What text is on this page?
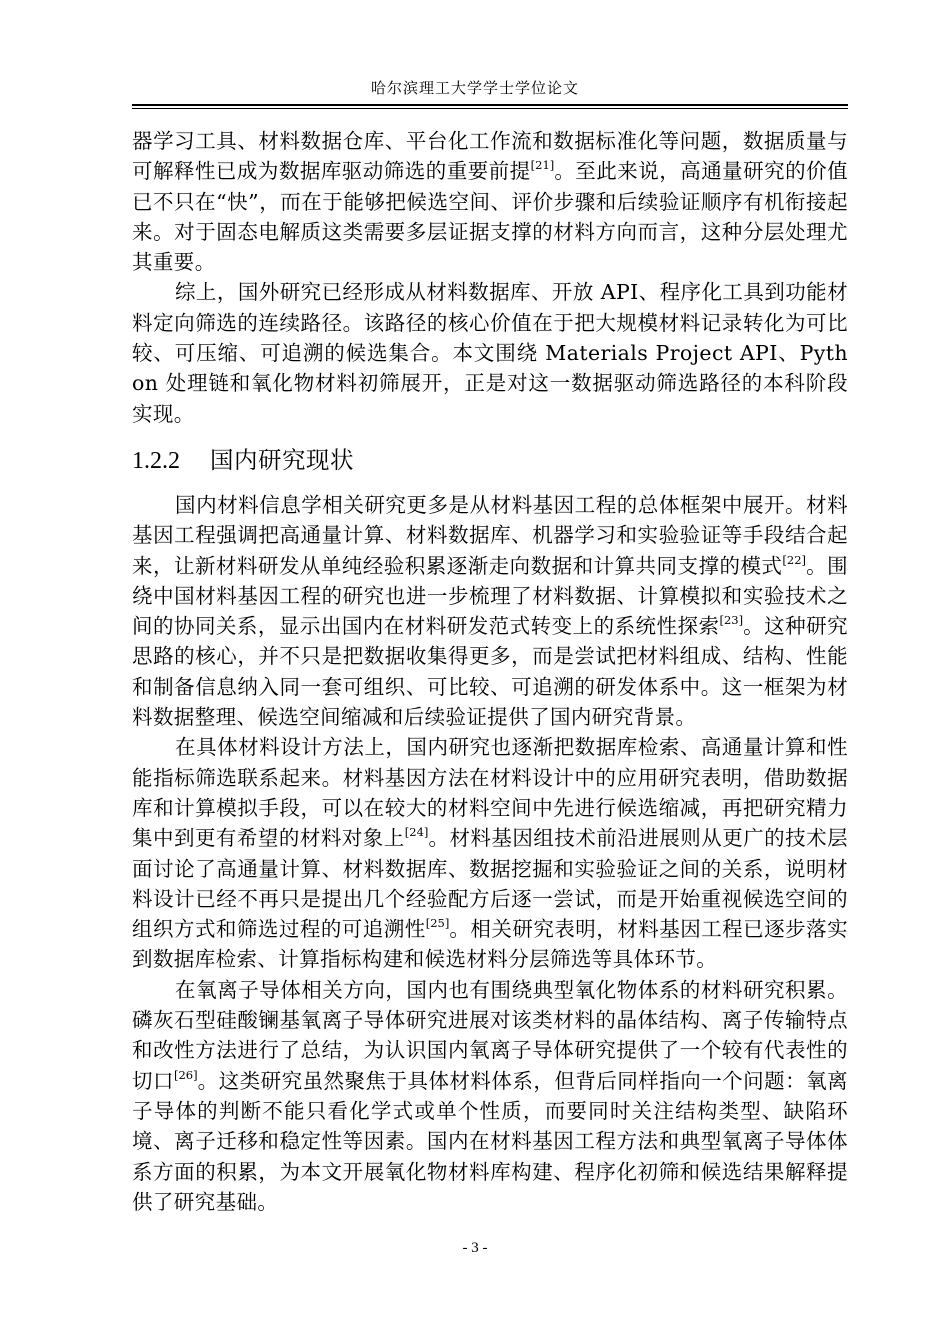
哈尔滨理工大学学士学位论文

器学习工具、材料数据仓库、平台化工作流和数据标准化等问题，数据质量与可解释性已成为数据库驱动筛选的重要前提[21]。至此来说，高通量研究的价值已不只在“快”，而在于能够把候选空间、评价步骤和后续验证顺序有机衔接起来。对于固态电解质这类需要多层证据支撑的材料方向而言，这种分层处理尤其重要。

综上，国外研究已经形成从材料数据库、开放 API、程序化工具到功能材料定向筛选的连续路径。该路径的核心价值在于把大规模材料记录转化为可比较、可压缩、可追溯的候选集合。本文围绕 Materials Project API、Python 处理链和氧化物材料初筛展开，正是对这一数据驱动筛选路径的本科阶段实现。

1.2.2 国内研究现状

国内材料信息学相关研究更多是从材料基因工程的总体框架中展开。材料基因工程强调把高通量计算、材料数据库、机器学习和实验验证等手段结合起来，让新材料研发从单纯经验积累逐渐走向数据和计算共同支撑的模式[22]。围绕中国材料基因工程的研究也进一步梳理了材料数据、计算模拟和实验技术之间的协同关系，显示出国内在材料研发范式转变上的系统性探索[23]。这种研究思路的核心，并不只是把数据收集得更多，而是尝试把材料组成、结构、性能和制备信息纳入同一套可组织、可比较、可追溯的研发体系中。这一框架为材料数据整理、候选空间缩减和后续验证提供了国内研究背景。

在具体材料设计方法上，国内研究也逐渐把数据库检索、高通量计算和性能指标筛选联系起来。材料基因方法在材料设计中的应用研究表明，借助数据库和计算模拟手段，可以在较大的材料空间中先进行候选缩减，再把研究精力集中到更有希望的材料对象上[24]。材料基因组技术前沿进展则从更广的技术层面讨论了高通量计算、材料数据库、数据挖掘和实验验证之间的关系，说明材料设计已经不再只是提出几个经验配方后逐一尝试，而是开始重视候选空间的组织方式和筛选过程的可追溯性[25]。相关研究表明，材料基因工程已逐步落实到数据库检索、计算指标构建和候选材料分层筛选等具体环节。

在氧离子导体相关方向，国内也有围绕典型氧化物体系的材料研究积累。磷灰石型硅酸镧基氧离子导体研究进展对该类材料的晶体结构、离子传输特点和改性方法进行了总结，为认识国内氧离子导体研究提供了一个较有代表性的切口[26]。这类研究虽然聚焦于具体材料体系，但背后同样指向一个问题：氧离子导体的判断不能只看化学式或单个性质，而要同时关注结构类型、缺陷环境、离子迁移和稳定性等因素。国内在材料基因工程方法和典型氧离子导体体系方面的积累，为本文开展氧化物材料库构建、程序化初筛和候选结果解释提供了研究基础。

- 3 -
